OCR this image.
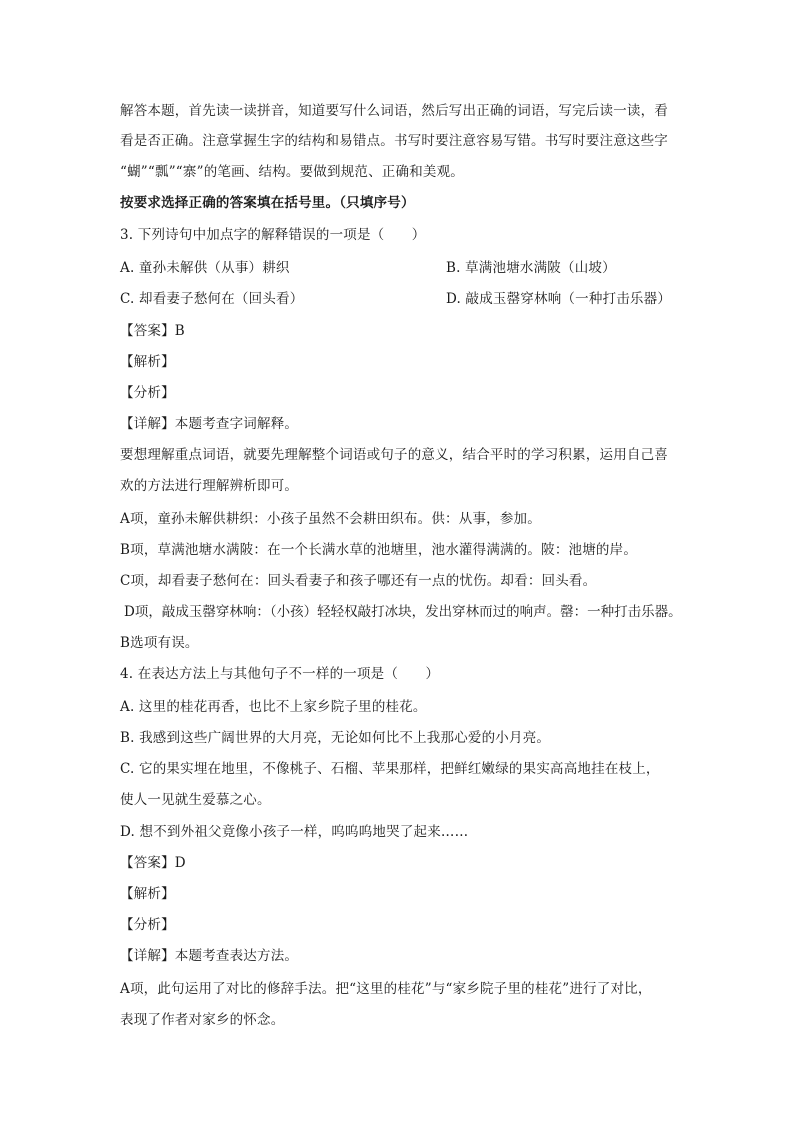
解答本题，首先读一读拼音，知道要写什么词语，然后写出正确的词语，写完后读一读，看
看是否正确。注意掌握生字的结构和易错点。书写时要注意容易写错。书写时要注意这些字
“蝴”“瓢”“寨”的笔画、结构。要做到规范、正确和美观。
按要求选择正确的答案填在括号里。（只填序号）
3. 下列诗句中加点字的解释错误的一项是（　　）
A. 童孙未解供（从事）耕织	B. 草满池塘水满陂（山坡）
C. 却看妻子愁何在（回头看）	D. 敲成玉罄穿林响（一种打击乐器）
【答案】B
【解析】
【分析】
【详解】本题考查字词解释。
要想理解重点词语，就要先理解整个词语或句子的意义，结合平时的学习积累，运用自己喜
欢的方法进行理解辨析即可。
A项，童孙未解供耕织：小孩子虽然不会耕田织布。供：从事，参加。
B项，草满池塘水满陂：在一个长满水草的池塘里，池水灌得满满的。陂：池塘的岸。
C项，却看妻子愁何在：回头看妻子和孩子哪还有一点的忧伤。却看：回头看。
D项，敲成玉罄穿林响：（小孩）轻轻权敲打冰块，发出穿林而过的响声。罄：一种打击乐器。
B选项有误。
4. 在表达方法上与其他句子不一样的一项是（　　）
A. 这里的桂花再香，也比不上家乡院子里的桂花。
B. 我感到这些广阔世界的大月亮，无论如何比不上我那心爱的小月亮。
C. 它的果实埋在地里，不像桃子、石榴、苹果那样，把鲜红嫩绿的果实高高地挂在枝上，
使人一见就生爱慕之心。
D. 想不到外祖父竟像小孩子一样，呜呜呜地哭了起来……
【答案】D
【解析】
【分析】
【详解】本题考查表达方法。
A项，此句运用了对比的修辞手法。把“这里的桂花”与“家乡院子里的桂花”进行了对比，
表现了作者对家乡的怀念。
